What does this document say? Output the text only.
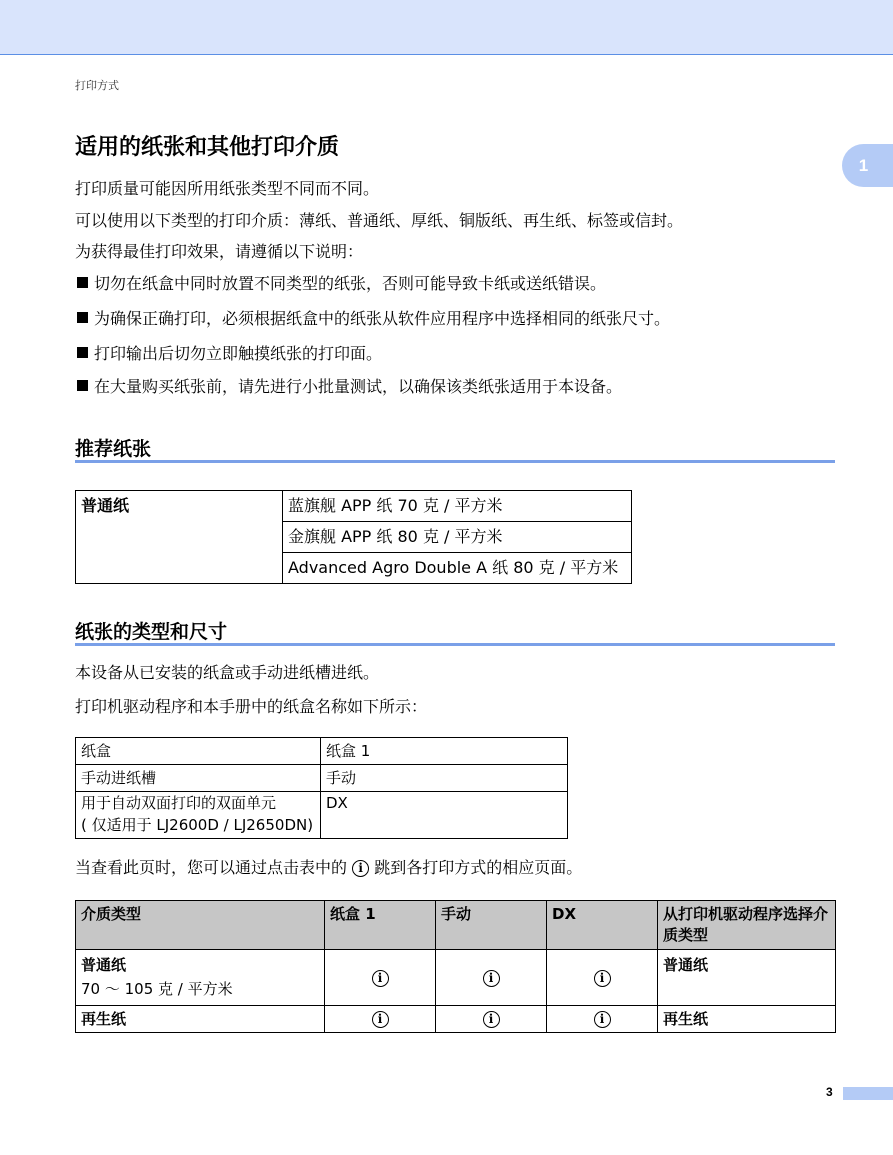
打印方式
1
适用的纸张和其他打印介质
打印质量可能因所用纸张类型不同而不同。
可以使用以下类型的打印介质：薄纸、普通纸、厚纸、铜版纸、再生纸、标签或信封。
为获得最佳打印效果，请遵循以下说明：
切勿在纸盒中同时放置不同类型的纸张，否则可能导致卡纸或送纸错误。
为确保正确打印，必须根据纸盒中的纸张从软件应用程序中选择相同的纸张尺寸。
打印输出后切勿立即触摸纸张的打印面。
在大量购买纸张前，请先进行小批量测试，以确保该类纸张适用于本设备。
推荐纸张
普通纸	蓝旗舰 APP 纸 70 克 / 平方米
金旗舰 APP 纸 80 克 / 平方米
Advanced Agro Double A 纸 80 克 / 平方米
纸张的类型和尺寸
本设备从已安装的纸盒或手动进纸槽进纸。
打印机驱动程序和本手册中的纸盒名称如下所示：
纸盒	纸盒 1
手动进纸槽	手动

用于自动双面打印的双面单元
( 仅适用于 LJ2600D / LJ2650DN)	DX
当查看此页时，您可以通过点击表中的 i 跳到各打印方式的相应页面。
介质类型	纸盒 1	手动	DX	从打印机驱动程序选择介质类型

普通纸
70 ～ 105 克 / 平方米	i	i	i	普通纸
再生纸	i	i	i	再生纸
3
